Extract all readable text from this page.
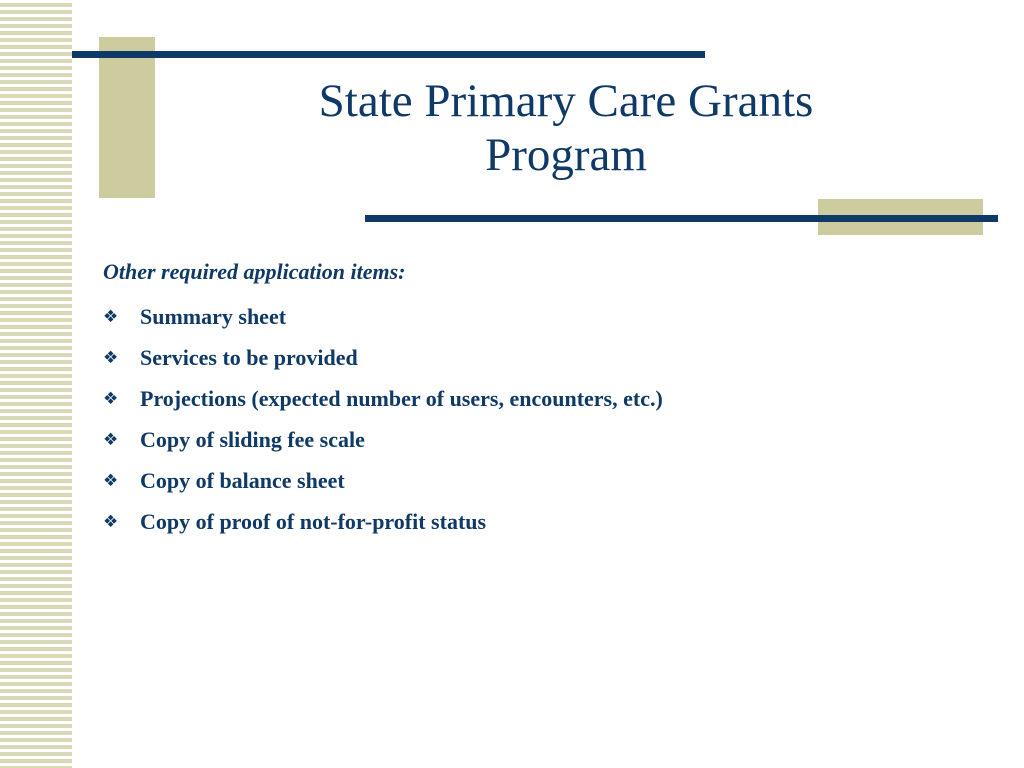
State Primary Care Grants
Program

Other required application items:

❖ Summary sheet
❖ Services to be provided
❖ Projections (expected number of users, encounters, etc.)
❖ Copy of sliding fee scale
❖ Copy of balance sheet
❖ Copy of proof of not-for-profit status
